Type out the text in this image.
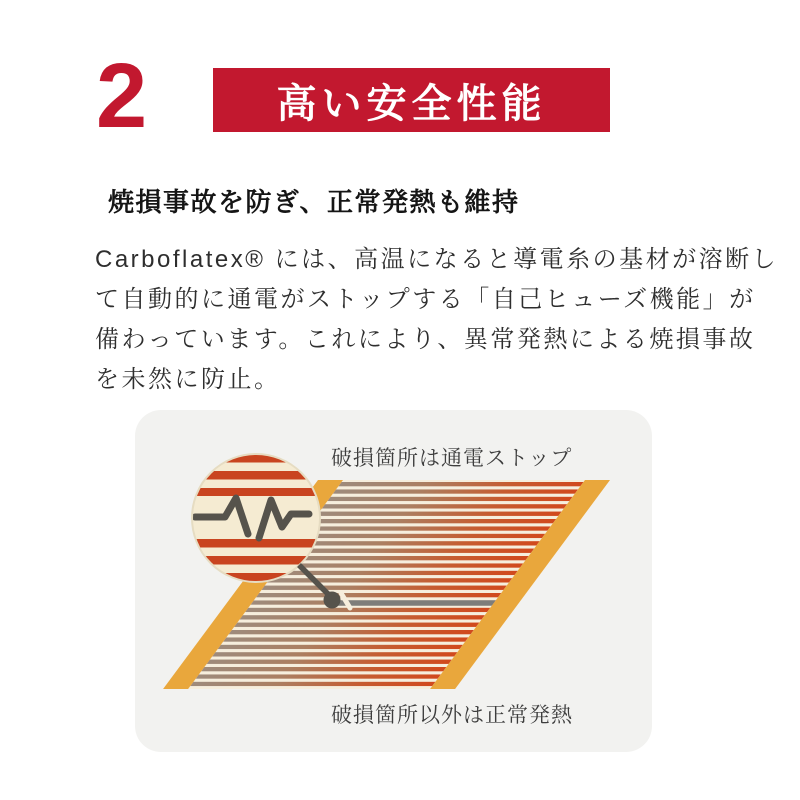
2	高い安全性能
焼損事故を防ぎ、正常発熱も維持
Carboflatex® には、高温になると導電糸の基材が溶断し
て自動的に通電がストップする「自己ヒューズ機能」が
備わっています。これにより、異常発熱による焼損事故
を未然に防止。
破損箇所は通電ストップ
破損箇所以外は正常発熱
